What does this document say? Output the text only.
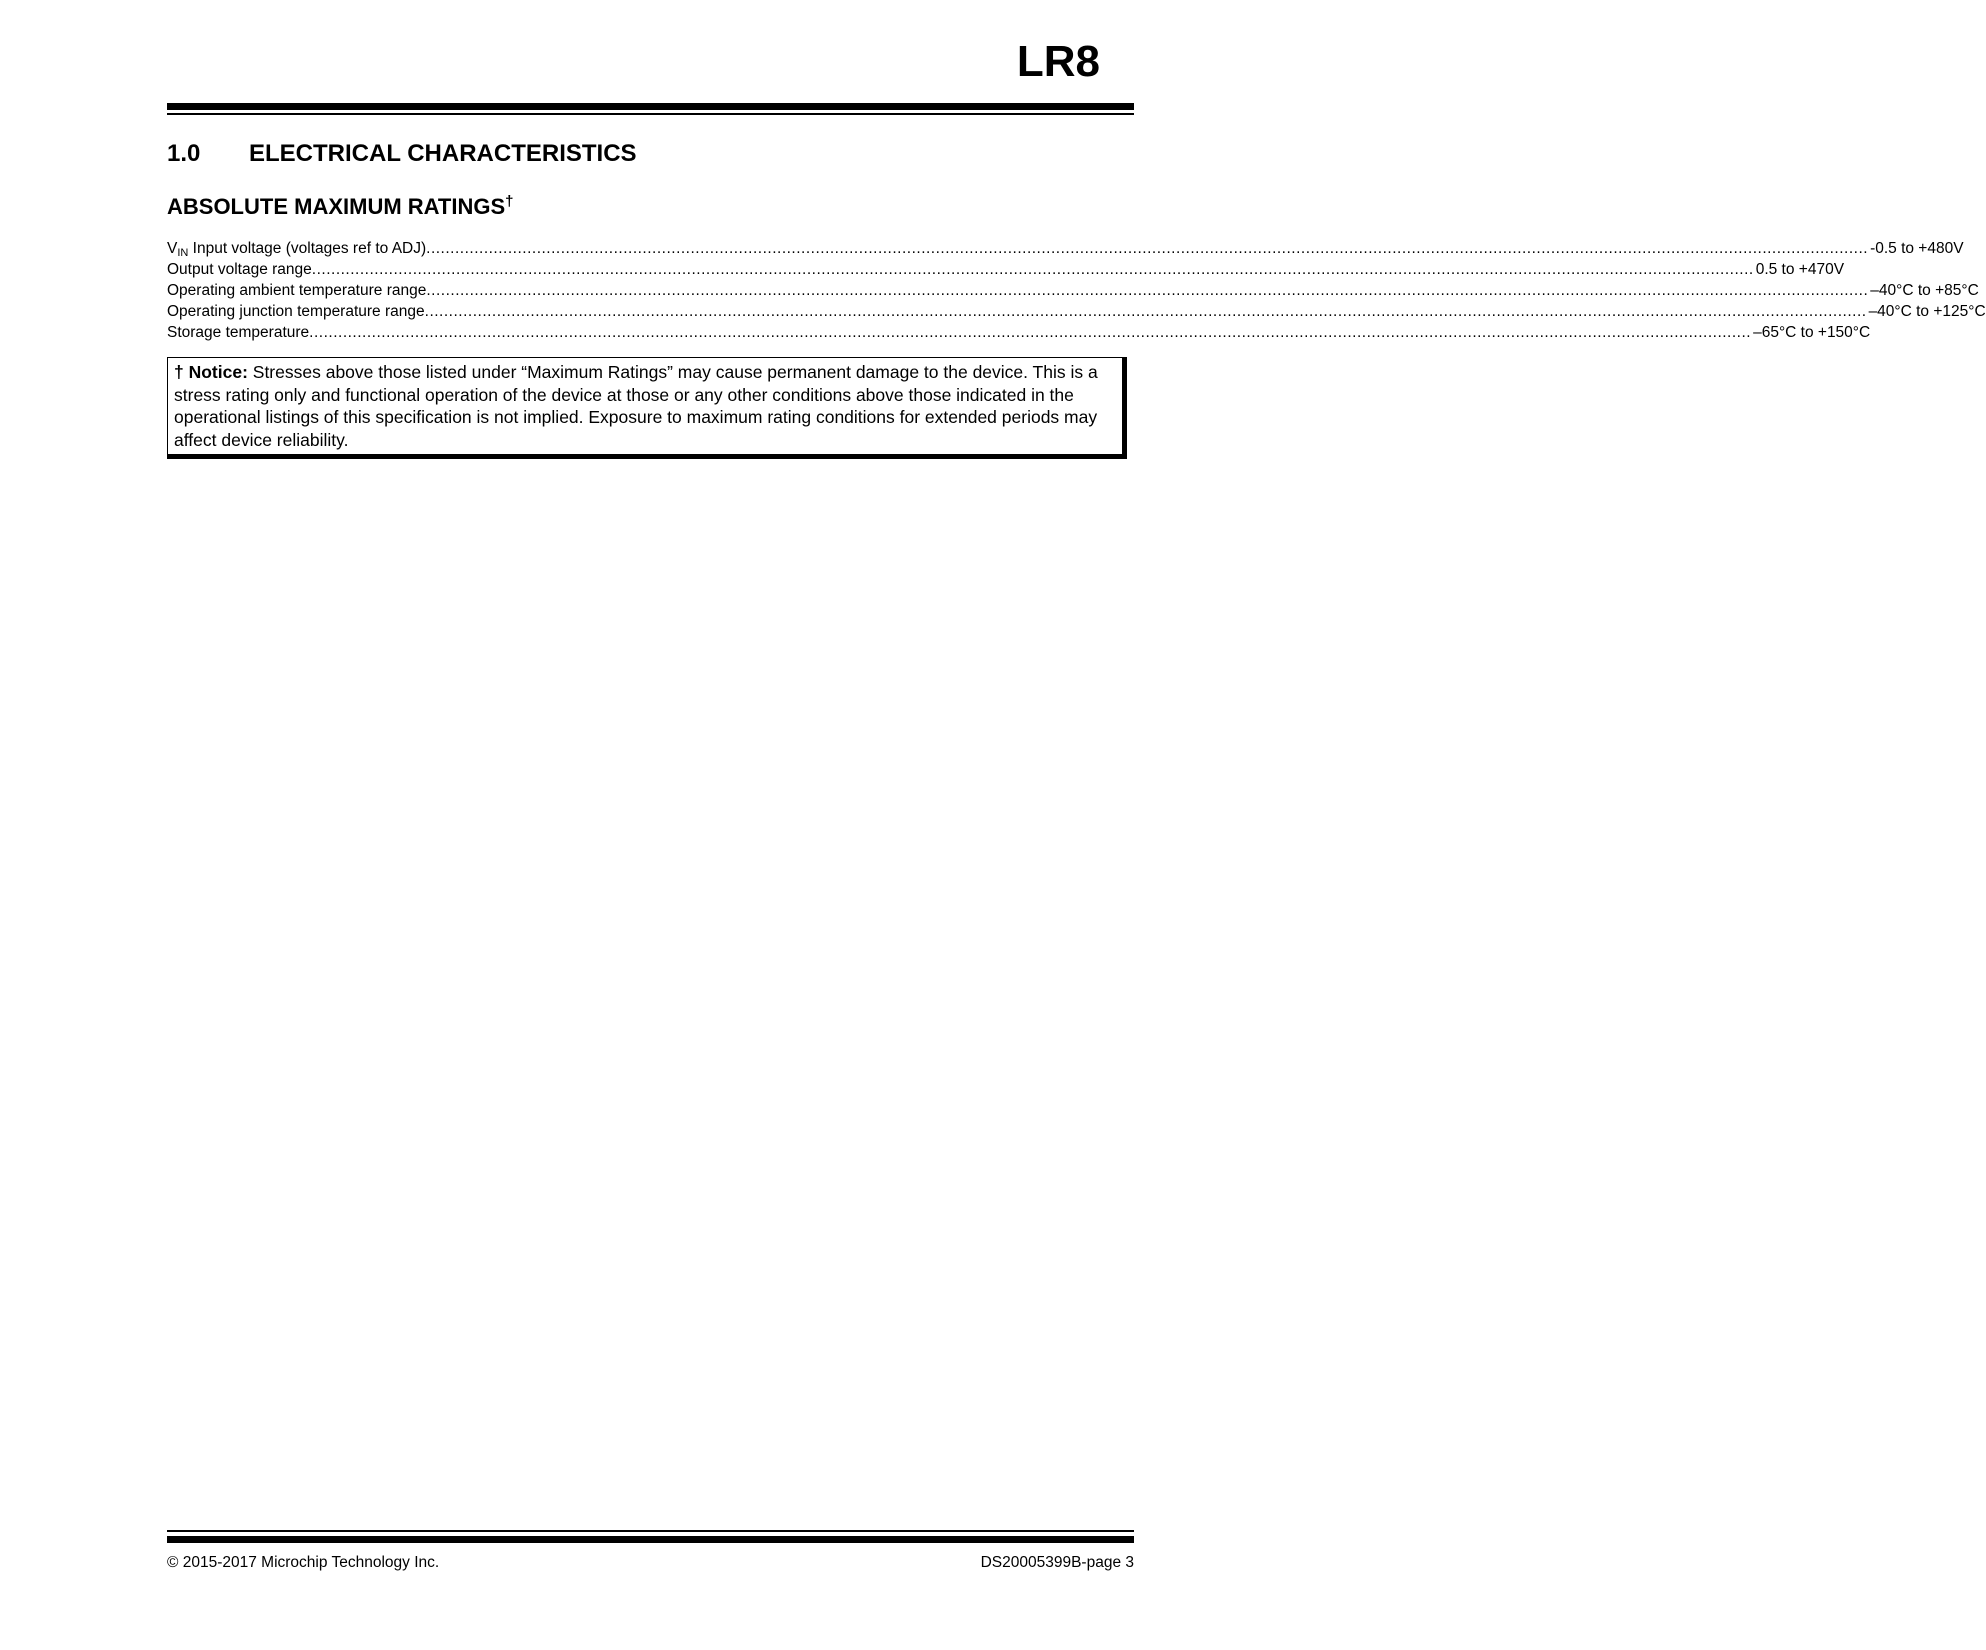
LR8
1.0 ELECTRICAL CHARACTERISTICS
ABSOLUTE MAXIMUM RATINGS†
$V_{IN}$ Input voltage (voltages ref to ADJ) ............................................................................................................................................................................................................................................................................................................ -0.5 to +480V
Output voltage range ............................................................................................................................................................................................................................................................................................................ 0.5 to +470V
Operating ambient temperature range ............................................................................................................................................................................................................................................................................................................ –40°C to +85°C
Operating junction temperature range ............................................................................................................................................................................................................................................................................................................ –40°C to +125°C
Storage temperature ............................................................................................................................................................................................................................................................................................................ –65°C to +150°C
† Notice: Stresses above those listed under “Maximum Ratings” may cause permanent damage to the device. This is a stress rating only and functional operation of the device at those or any other conditions above those indicated in the operational listings of this specification is not implied. Exposure to maximum rating conditions for extended periods may affect device reliability.
© 2015-2017 Microchip Technology Inc.	DS20005399B-page 3
